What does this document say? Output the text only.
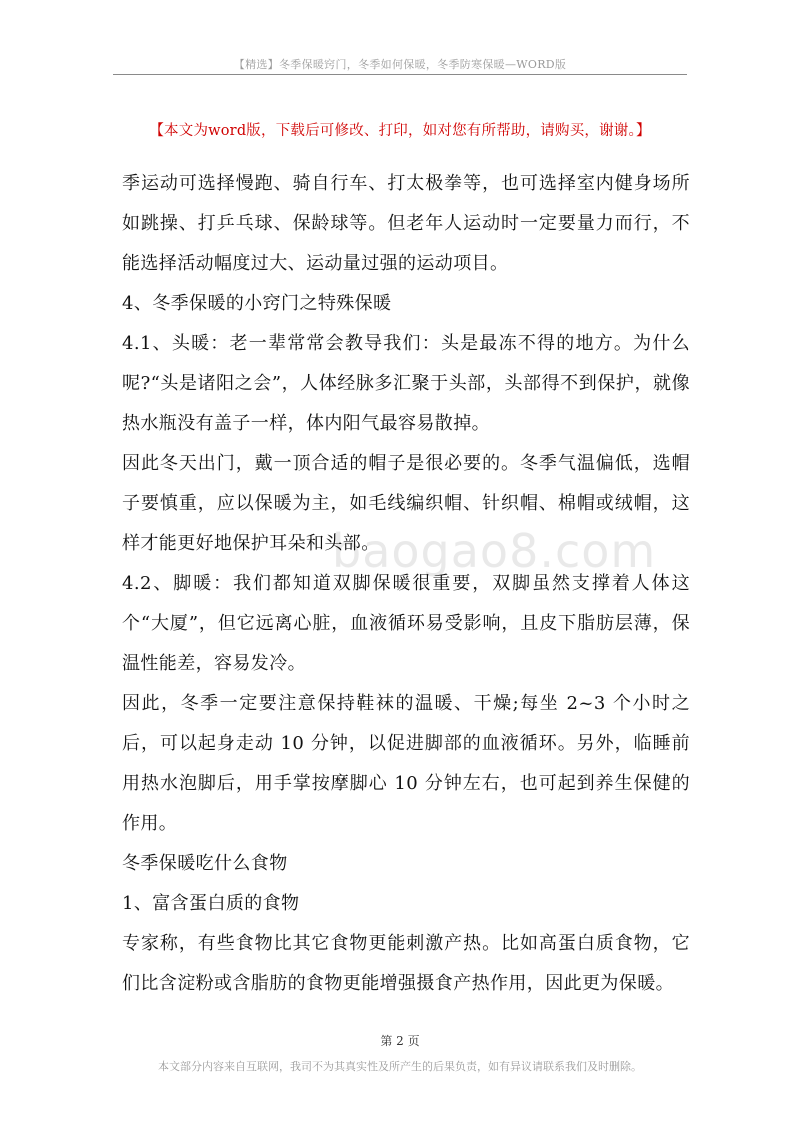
【精选】冬季保暖窍门，冬季如何保暖，冬季防寒保暖—WORD版
【本文为word版，下载后可修改、打印，如对您有所帮助，请购买，谢谢。】
baogao8.com

季运动可选择慢跑、骑自行车、打太极拳等，也可选择室内健身场所如跳操、打乒乓球、保龄球等。但老年人运动时一定要量力而行，不能选择活动幅度过大、运动量过强的运动项目。

4、冬季保暖的小窍门之特殊保暖

4.1、头暖：老一辈常常会教导我们：头是最冻不得的地方。为什么呢?“头是诸阳之会”，人体经脉多汇聚于头部，头部得不到保护，就像热水瓶没有盖子一样，体内阳气最容易散掉。

因此冬天出门，戴一顶合适的帽子是很必要的。冬季气温偏低，选帽子要慎重，应以保暖为主，如毛线编织帽、针织帽、棉帽或绒帽，这样才能更好地保护耳朵和头部。

4.2、脚暖：我们都知道双脚保暖很重要，双脚虽然支撑着人体这个“大厦”，但它远离心脏，血液循环易受影响，且皮下脂肪层薄，保温性能差，容易发冷。

因此，冬季一定要注意保持鞋袜的温暖、干燥;每坐 2~3 个小时之后，可以起身走动 10 分钟，以促进脚部的血液循环。另外，临睡前用热水泡脚后，用手掌按摩脚心 10 分钟左右，也可起到养生保健的作用。

冬季保暖吃什么食物

1、富含蛋白质的食物

专家称，有些食物比其它食物更能刺激产热。比如高蛋白质食物，它们比含淀粉或含脂肪的食物更能增强摄食产热作用，因此更为保暖。

第 2 页
本文部分内容来自互联网，我司不为其真实性及所产生的后果负责，如有异议请联系我们及时删除。
